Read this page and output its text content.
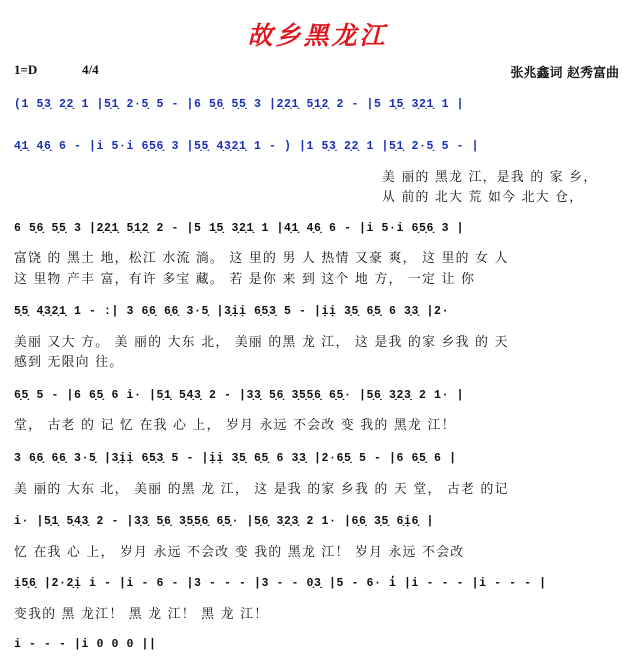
故乡黑龙江
1=D	4/4	张兆鑫词 赵秀富曲
(1 5̣3̣ 2̣2̣ 1 |5̣1̣ 2·5̣ 5 - |6 5̣6̣ 5̣5̣ 3 |2̣2̣1̣ 5̣1̣2̣ 2 - |5 1̣5̣ 3̣2̣1̣ 1 |
4̣1̣ 4̣6̣ 6 - |i 5·i 6̣5̣6̣ 3 |5̣5̣ 4̣3̣2̣1̣ 1 - ) |1 5̣3̣ 2̣2̣ 1 |5̣1̣ 2·5̣ 5 - |
美 丽的 黑龙 江，是我 的 家 乡，
从 前的 北大 荒 如今 北大 仓，
6 5̣6̣ 5̣5̣ 3 |2̣2̣1̣ 5̣1̣2̣ 2 - |5 1̣5̣ 3̣2̣1̣ 1 |4̣1̣ 4̣6̣ 6 - |i 5·i 6̣5̣6̣ 3 |
富饶 的 黑土 地，松江 水流 淌。 这 里的 男 人 热情 又豪 爽， 这 里的 女 人
这 里物 产丰 富，有许 多宝 藏。 若 是你 来 到 这个 地 方， 一定 让 你
5̣5̣ 4̣3̣2̣1̣ 1 - :| 3 6̣6̣ 6̣6̣ 3·5̣ |3̣ịị 6̣5̣3̣ 5 - |ịị 3̣5̣ 6̣5̣ 6 3̣3̣ |2·
美丽 又大 方。 美 丽的 大东 北， 美丽 的黑 龙 江， 这 是我 的家 乡我 的 天
感到 无限向 往。
6̣5̣ 5 - |6 6̣5̣ 6 i· |5̣1̣ 5̣4̣3̣ 2 - |3̣3̣ 5̣6̣ 3̣5̣5̣6̣ 6̣5̣· |5̣6̣ 3̣2̣3̣ 2 1· |
堂， 古老 的 记 忆 在我 心 上， 岁月 永远 不会改 变 我的 黑龙 江！
3 6̣6̣ 6̣6̣ 3·5̣ |3̣ịị 6̣5̣3̣ 5 - |ịị 3̣5̣ 6̣5̣ 6 3̣3̣ |2·6̣5̣ 5 - |6 6̣5̣ 6 |
美 丽的 大东 北， 美丽 的黑 龙 江， 这 是我 的家 乡我 的 天 堂， 古老 的记
i· |5̣1̣ 5̣4̣3̣ 2 - |3̣3̣ 5̣6̣ 3̣5̣5̣6̣ 6̣5̣· |5̣6̣ 3̣2̣3̣ 2 1· |6̣6̣ 3̣5̣ 6̣ị6̣ |
忆 在我 心 上， 岁月 永远 不会改 变 我的 黑龙 江！ 岁月 永远 不会改
ị5̣6̣ |2·2̣ị i - |i - 6 - |3 - - - |3 - - 0̣3̣ |5 - 6· i̇ |i - - - |i - - - |
变我的 黑 龙江！ 黑 龙 江！ 黑 龙 江！
i - - - |i 0 0 0 ||
